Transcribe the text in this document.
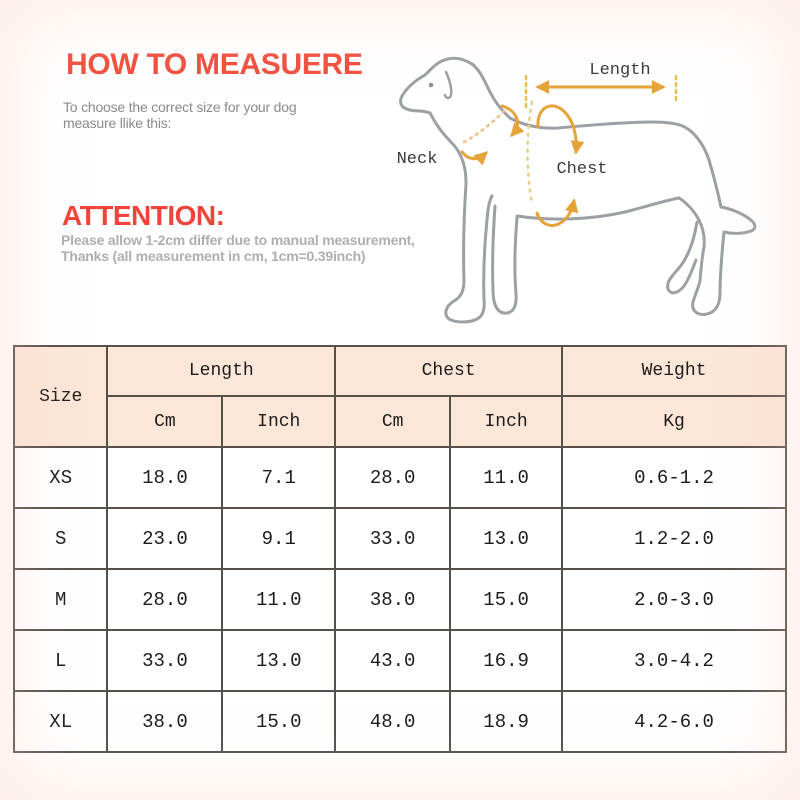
HOW TO MEASUERE
To choose the correct size for your dog
measure llike this:
ATTENTION:
Please allow 1-2cm differ due to manual measurement,
Thanks (all measurement in cm, 1cm=0.39inch)
Length
Neck
Chest
Size	Length		Chest		Weight
	Cm	Inch	Cm	Inch	Kg
XS	18.0	7.1	28.0	11.0	0.6-1.2
S	23.0	9.1	33.0	13.0	1.2-2.0
M	28.0	11.0	38.0	15.0	2.0-3.0
L	33.0	13.0	43.0	16.9	3.0-4.2
XL	38.0	15.0	48.0	18.9	4.2-6.0
